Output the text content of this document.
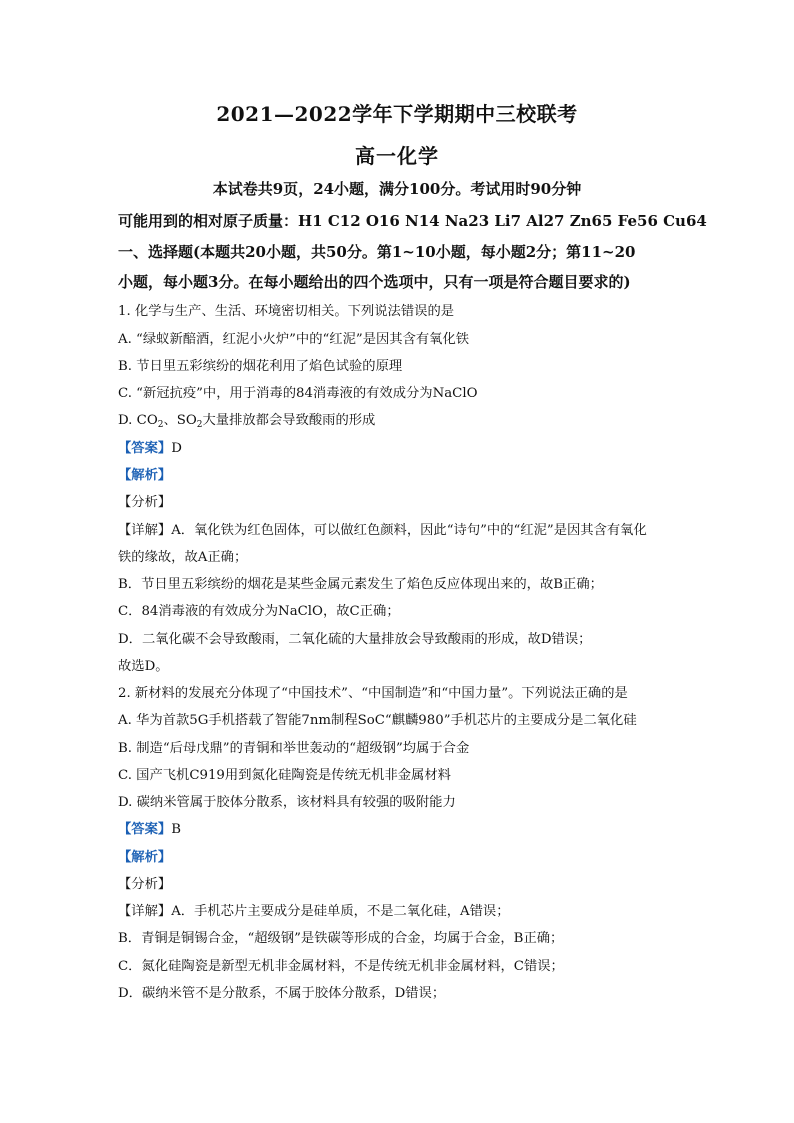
2021—2022学年下学期期中三校联考
高一化学
本试卷共9页，24小题，满分100分。考试用时90分钟
可能用到的相对原子质量：H1 C12 O16 N14 Na23 Li7 Al27 Zn65 Fe56 Cu64
一、选择题(本题共20小题，共50分。第1~10小题，每小题2分；第11~20
小题，每小题3分。在每小题给出的四个选项中，只有一项是符合题目要求的)
1. 化学与生产、生活、环境密切相关。下列说法错误的是
A. “绿蚁新醅酒，红泥小火炉”中的“红泥”是因其含有氧化铁
B. 节日里五彩缤纷的烟花利用了焰色试验的原理
C. “新冠抗疫”中，用于消毒的84消毒液的有效成分为NaClO
D. $CO_2$、$SO_2$大量排放都会导致酸雨的形成
【答案】D
【解析】
【分析】
【详解】A．氧化铁为红色固体，可以做红色颜料，因此“诗句”中的“红泥”是因其含有氧化
铁的缘故，故A正确；
B．节日里五彩缤纷的烟花是某些金属元素发生了焰色反应体现出来的，故B正确；
C．84消毒液的有效成分为NaClO，故C正确；
D．二氧化碳不会导致酸雨，二氧化硫的大量排放会导致酸雨的形成，故D错误；
故选D。
2. 新材料的发展充分体现了“中国技术”、“中国制造”和“中国力量”。下列说法正确的是
A. 华为首款5G手机搭载了智能7nm制程SoC“麒麟980”手机芯片的主要成分是二氧化硅
B. 制造“后母戊鼎”的青铜和举世轰动的“超级钢”均属于合金
C. 国产飞机C919用到氮化硅陶瓷是传统无机非金属材料
D. 碳纳米管属于胶体分散系，该材料具有较强的吸附能力
【答案】B
【解析】
【分析】
【详解】A．手机芯片主要成分是硅单质，不是二氧化硅，A错误；
B．青铜是铜锡合金，“超级钢”是铁碳等形成的合金，均属于合金，B正确；
C．氮化硅陶瓷是新型无机非金属材料，不是传统无机非金属材料，C错误；
D．碳纳米管不是分散系，不属于胶体分散系，D错误；
